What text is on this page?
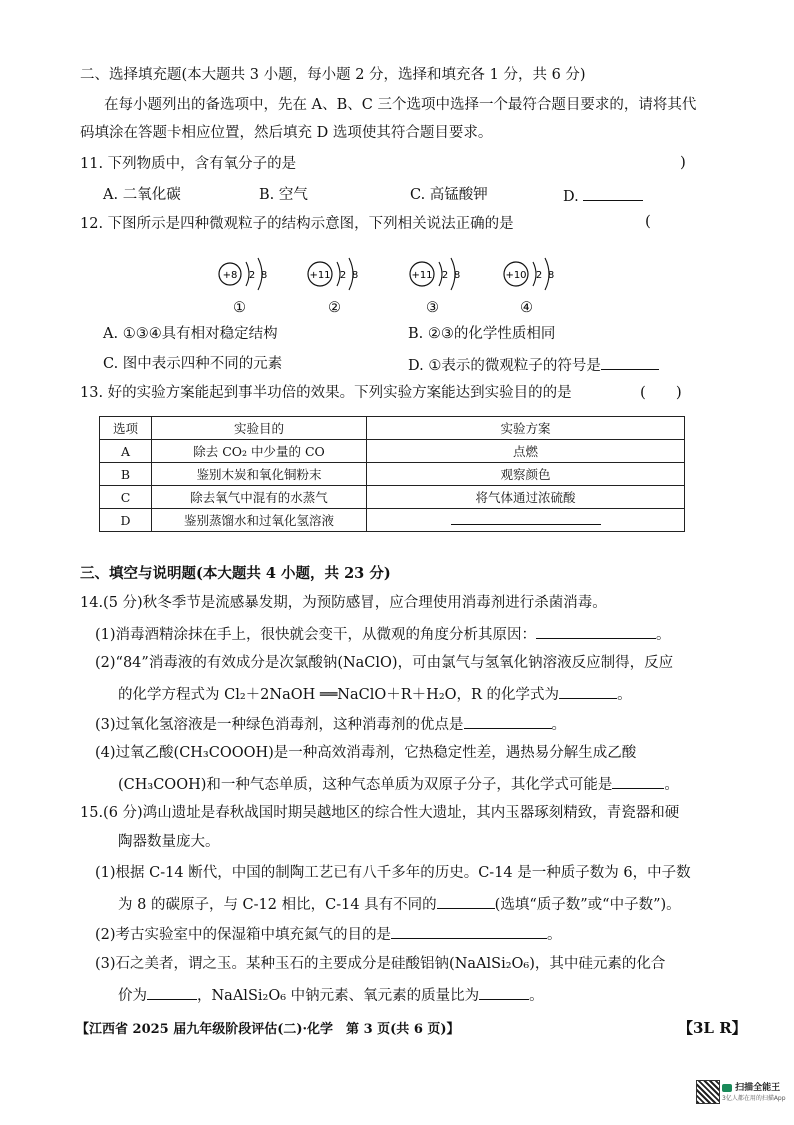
二、选择填充题(本大题共 3 小题，每小题 2 分，选择和填充各 1 分，共 6 分)
在每小题列出的备选项中，先在 A、B、C 三个选项中选择一个最符合题目要求的，请将其代
码填涂在答题卡相应位置，然后填充 D 选项使其符合题目要求。
11. 下列物质中，含有氧分子的是	)
A. 二氧化碳	B. 空气	C. 高锰酸钾	D.
12. 下图所示是四种微观粒子的结构示意图，下列相关说法正确的是	(
+8 2 8
①
+11 2 8
②
+11 2 8
③
+10 2 8
④
A. ①③④具有相对稳定结构	B. ②③的化学性质相同
C. 图中表示四种不同的元素	D. ①表示的微观粒子的符号是
13. 好的实验方案能起到事半功倍的效果。下列实验方案能达到实验目的的是	(　　)
选项	实验目的	实验方案
A	除去 CO₂ 中少量的 CO	点燃
B	鉴别木炭和氧化铜粉末	观察颜色
C	除去氧气中混有的水蒸气	将气体通过浓硫酸
D	鉴别蒸馏水和过氧化氢溶液	
三、填空与说明题(本大题共 4 小题，共 23 分)
14.(5 分)秋冬季节是流感暴发期，为预防感冒，应合理使用消毒剂进行杀菌消毒。
(1)消毒酒精涂抹在手上，很快就会变干，从微观的角度分析其原因：	。
(2)“84”消毒液的有效成分是次氯酸钠(NaClO)，可由氯气与氢氧化钠溶液反应制得，反应
的化学方程式为 Cl₂＋2NaOH ══NaClO＋R＋H₂O，R 的化学式为	。
(3)过氧化氢溶液是一种绿色消毒剂，这种消毒剂的优点是	。
(4)过氧乙酸(CH₃COOOH)是一种高效消毒剂，它热稳定性差，遇热易分解生成乙酸
(CH₃COOH)和一种气态单质，这种气态单质为双原子分子，其化学式可能是	。
15.(6 分)鸿山遗址是春秋战国时期吴越地区的综合性大遗址，其内玉器琢刻精致，青瓷器和硬
陶器数量庞大。
(1)根据 C-14 断代，中国的制陶工艺已有八千多年的历史。C-14 是一种质子数为 6，中子数
为 8 的碳原子，与 C-12 相比，C-14 具有不同的	(选填“质子数”或“中子数”)。
(2)考古实验室中的保湿箱中填充氮气的目的是	。
(3)石之美者，谓之玉。某种玉石的主要成分是硅酸铝钠(NaAlSi₂O₆)，其中硅元素的化合
价为	，NaAlSi₂O₆ 中钠元素、氧元素的质量比为	。
【江西省 2025 届九年级阶段评估(二)·化学　第 3 页(共 6 页)】	【3L R】
扫描全能王
3亿人都在用的扫描App
